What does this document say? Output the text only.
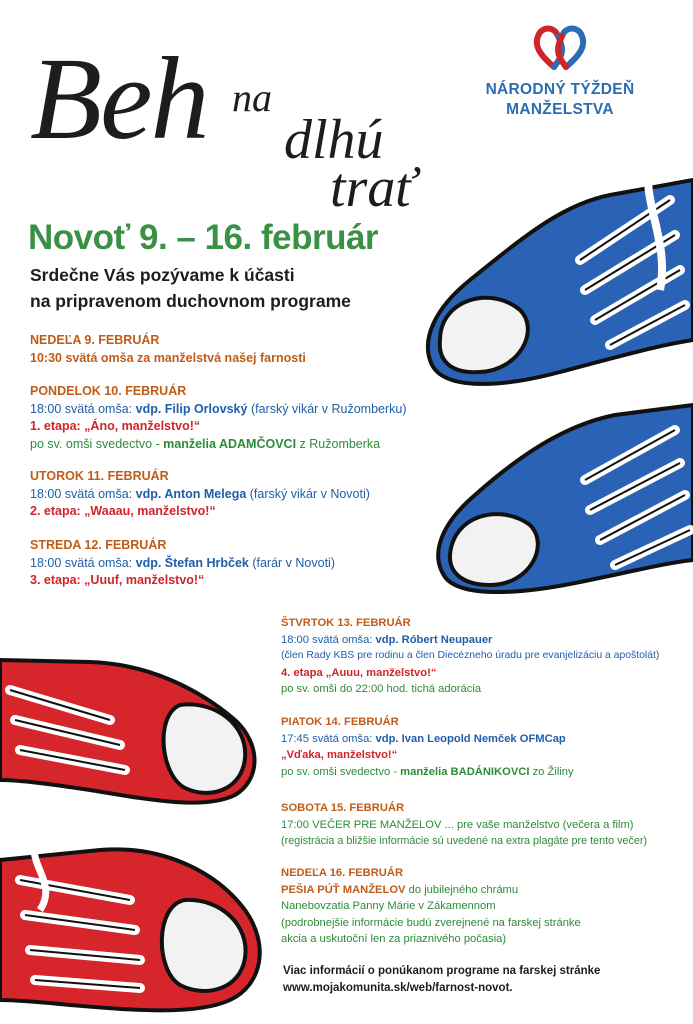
NÁRODNÝ TÝŽDEŇ
MANŽELSTVA
Beh na
dlhú
trať
Novoť 9. – 16. február
Srdečne Vás pozývame k účasti
na pripravenom duchovnom programe
NEDEĽA 9. FEBRUÁR
10:30 svätá omša za manželstvá našej farnosti
PONDELOK 10. FEBRUÁR
18:00 svätá omša: vdp. Filip Orlovský (farský vikár v Ružomberku)
1. etapa: „Áno, manželstvo!“
po sv. omši svedectvo - manželia ADAMČOVCI z Ružomberka
UTOROK 11. FEBRUÁR
18:00 svätá omša: vdp. Anton Melega (farský vikár v Novoti)
2. etapa: „Waaau, manželstvo!“
STREDA 12. FEBRUÁR
18:00 svätá omša: vdp. Štefan Hrbček (farár v Novoti)
3. etapa: „Uuuf, manželstvo!“
ŠTVRTOK 13. FEBRUÁR
18:00 svätá omša: vdp. Róbert Neupauer
(člen Rady KBS pre rodinu a člen Diecézneho úradu pre evanjelizáciu a apoštolát)
4. etapa „Auuu, manželstvo!“
po sv. omši do 22:00 hod. tichá adorácia
PIATOK 14. FEBRUÁR
17:45 svätá omša: vdp. Ivan Leopold Nemček OFMCap
„Vďaka, manželstvo!“
po sv. omši svedectvo - manželia BADÁNIKOVCI zo Žiliny
SOBOTA 15. FEBRUÁR
17:00 VEČER PRE MANŽELOV ... pre vaše manželstvo (večera a film)
(registrácia a bližšie informácie sú uvedené na extra plagáte pre tento večer)
NEDEĽA 16. FEBRUÁR
PEŠIA PÚŤ MANŽELOV do jubilejného chrámu
Nanebovzatia Panny Márie v Zákamennom
(podrobnejšie informácie budú zverejnené na farskej stránke
akcia a uskutoční len za priaznivého počasia)
Viac informácií o ponúkanom programe na farskej stránke
www.mojakomunita.sk/web/farnost-novot.
